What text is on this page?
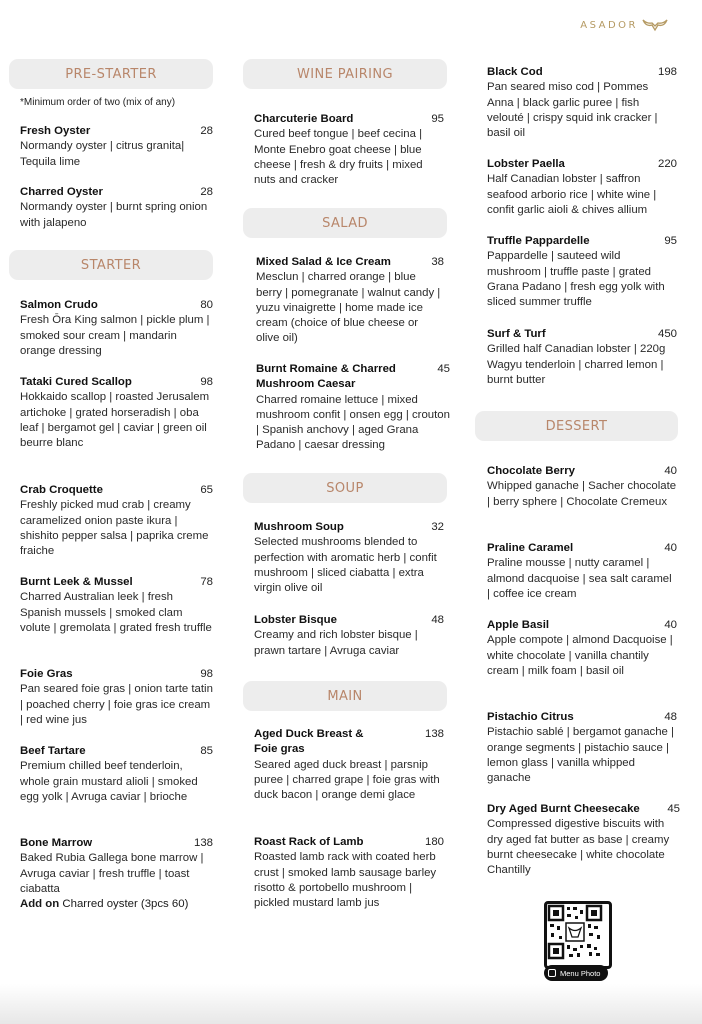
ASADOR
PRE-STARTER
*Minimum order of two (mix of any)
Fresh Oyster	28
Normandy oyster | citrus granita| Tequila lime
Charred Oyster	28
Normandy oyster | burnt spring onion with jalapeno
STARTER
Salmon Crudo	80
Fresh Ōra King salmon | pickle plum | smoked sour cream | mandarin orange dressing
Tataki Cured Scallop	98
Hokkaido scallop | roasted Jerusalem artichoke | grated horseradish | oba leaf | bergamot gel | caviar | green oil beurre blanc
Crab Croquette	65
Freshly picked mud crab | creamy caramelized onion paste ikura | shishito pepper salsa | paprika creme fraiche
Burnt Leek & Mussel	78
Charred Australian leek | fresh Spanish mussels | smoked clam volute | gremolata | grated fresh truffle
Foie Gras	98
Pan seared foie gras | onion tarte tatin | poached cherry | foie gras ice cream | red wine jus
Beef Tartare	85
Premium chilled beef tenderloin, whole grain mustard alioli | smoked egg yolk | Avruga caviar | brioche
Bone Marrow	138
Baked Rubia Gallega bone marrow | Avruga caviar | fresh truffle | toast ciabatta
Add on Charred oyster (3pcs 60)
WINE PAIRING
Charcuterie Board	95
Cured beef tongue | beef cecina | Monte Enebro goat cheese | blue cheese | fresh & dry fruits | mixed nuts and cracker
SALAD
Mixed Salad & Ice Cream	38
Mesclun | charred orange | blue berry | pomegranate | walnut candy | yuzu vinaigrette | home made ice cream (choice of blue cheese or olive oil)
Burnt Romaine & Charred Mushroom Caesar
45
Charred romaine lettuce | mixed mushroom confit | onsen egg | crouton | Spanish anchovy | aged Grana Padano | caesar dressing
SOUP
Mushroom Soup	32
Selected mushrooms blended to perfection with aromatic herb | confit mushroom | sliced ciabatta | extra virgin olive oil
Lobster Bisque	48
Creamy and rich lobster bisque | prawn tartare | Avruga caviar
MAIN
Aged Duck Breast & Foie gras
138
Seared aged duck breast | parsnip puree | charred grape | foie gras with duck bacon | orange demi glace
Roast Rack of Lamb	180
Roasted lamb rack with coated herb crust | smoked lamb sausage barley risotto & portobello mushroom | pickled mustard lamb jus
Black Cod	198
Pan seared miso cod | Pommes Anna | black garlic puree | fish velouté | crispy squid ink cracker | basil oil
Lobster Paella	220
Half Canadian lobster | saffron seafood arborio rice | white wine | confit garlic aioli & chives allium
Truffle Pappardelle	95
Pappardelle | sauteed wild mushroom | truffle paste | grated Grana Padano | fresh egg yolk with sliced summer truffle
Surf & Turf	450
Grilled half Canadian lobster | 220g Wagyu tenderloin | charred lemon | burnt butter
DESSERT
Chocolate Berry	40
Whipped ganache | Sacher chocolate | berry sphere | Chocolate Cremeux
Praline Caramel	40
Praline mousse | nutty caramel | almond dacquoise | sea salt caramel | coffee ice cream
Apple Basil	40
Apple compote | almond Dacquoise | white chocolate | vanilla chantily cream | milk foam | basil oil
Pistachio Citrus	48
Pistachio sablé | bergamot ganache | orange segments | pistachio sauce | lemon glass | vanilla whipped ganache
Dry Aged Burnt Cheesecake	45
Compressed digestive biscuits with dry aged fat butter as base | creamy burnt cheesecake | white chocolate Chantilly
Menu Photo
